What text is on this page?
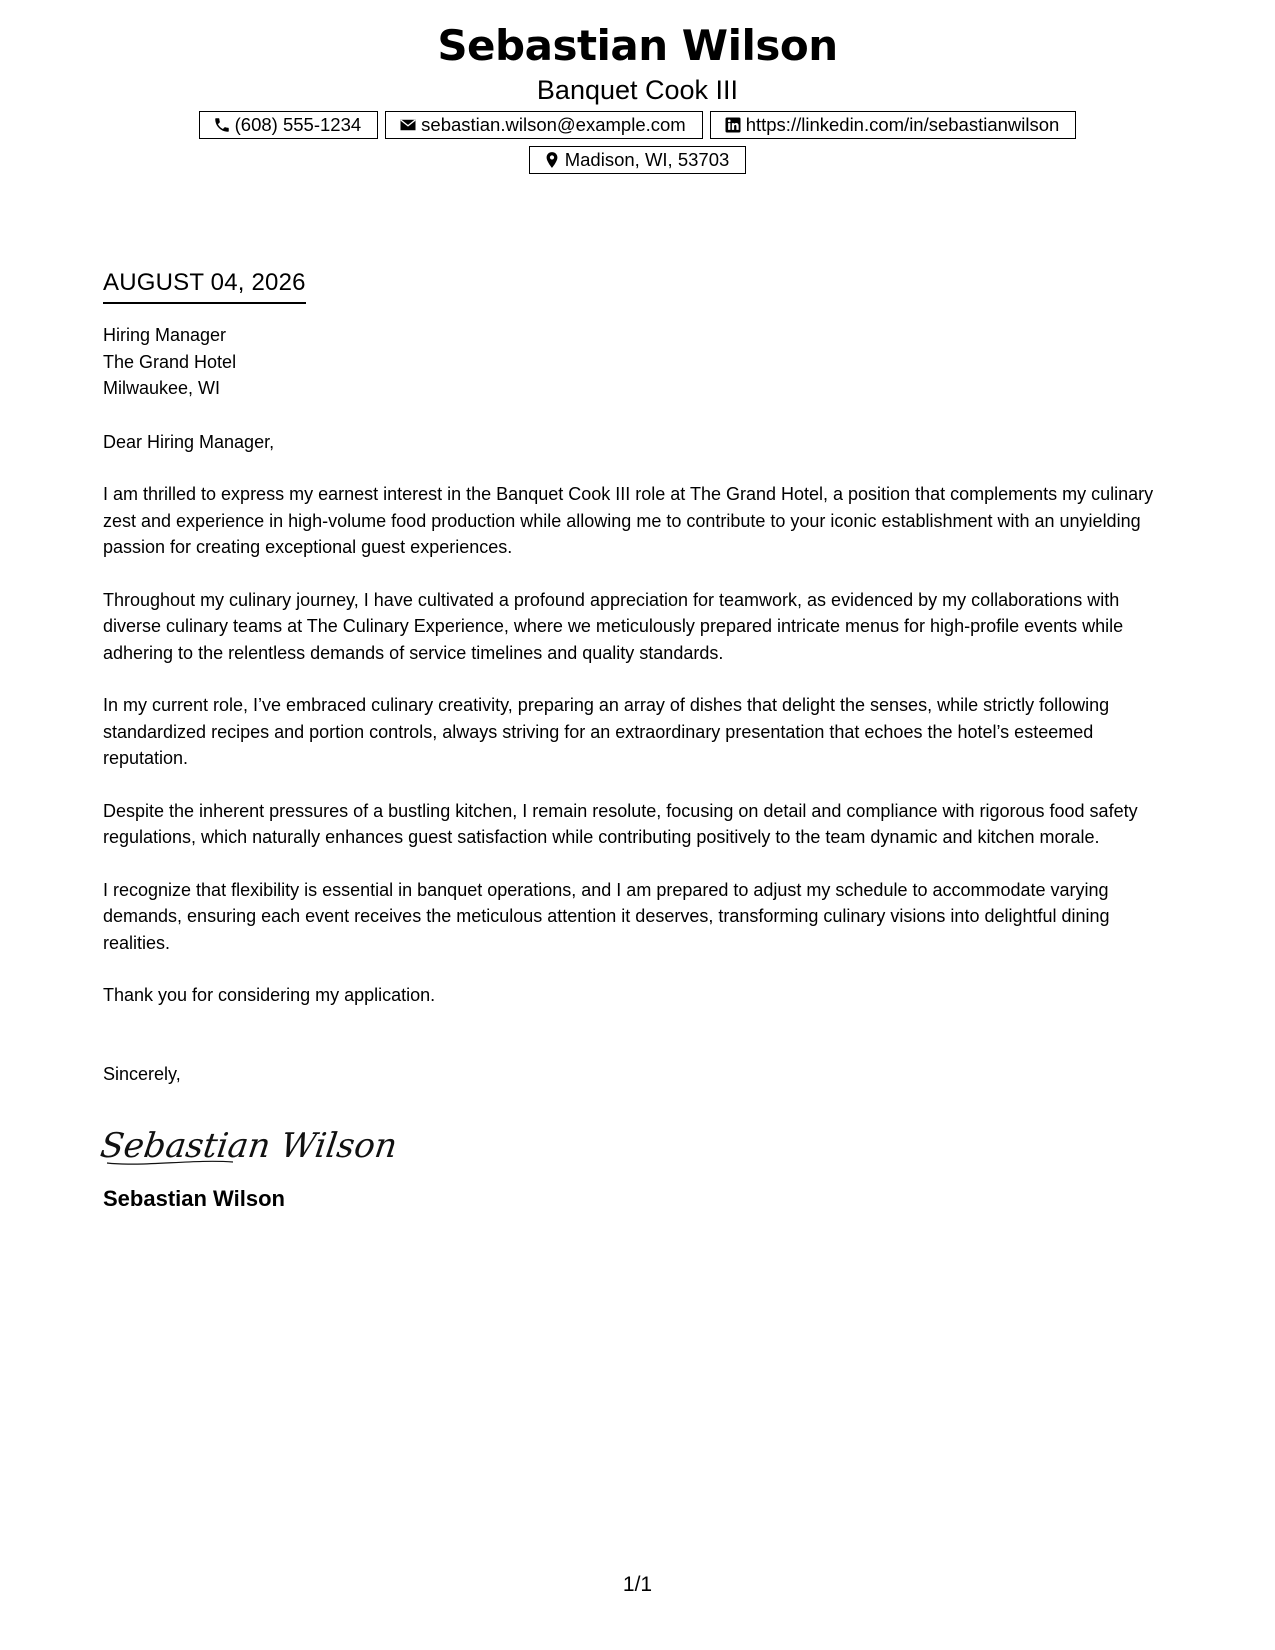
Sebastian Wilson
Banquet Cook III
(608) 555-1234	sebastian.wilson@example.com	https://linkedin.com/in/sebastianwilson
Madison, WI, 53703
AUGUST 04, 2026
Hiring Manager
The Grand Hotel
Milwaukee, WI
Dear Hiring Manager,
I am thrilled to express my earnest interest in the Banquet Cook III role at The Grand Hotel, a position that complements my culinary zest and experience in high-volume food production while allowing me to contribute to your iconic establishment with an unyielding passion for creating exceptional guest experiences.
Throughout my culinary journey, I have cultivated a profound appreciation for teamwork, as evidenced by my collaborations with diverse culinary teams at The Culinary Experience, where we meticulously prepared intricate menus for high-profile events while adhering to the relentless demands of service timelines and quality standards.
In my current role, I’ve embraced culinary creativity, preparing an array of dishes that delight the senses, while strictly following standardized recipes and portion controls, always striving for an extraordinary presentation that echoes the hotel’s esteemed reputation.
Despite the inherent pressures of a bustling kitchen, I remain resolute, focusing on detail and compliance with rigorous food safety regulations, which naturally enhances guest satisfaction while contributing positively to the team dynamic and kitchen morale.
I recognize that flexibility is essential in banquet operations, and I am prepared to adjust my schedule to accommodate varying demands, ensuring each event receives the meticulous attention it deserves, transforming culinary visions into delightful dining realities.
Thank you for considering my application.
Sincerely,
Sebastian Wilson
Sebastian Wilson
1/1
